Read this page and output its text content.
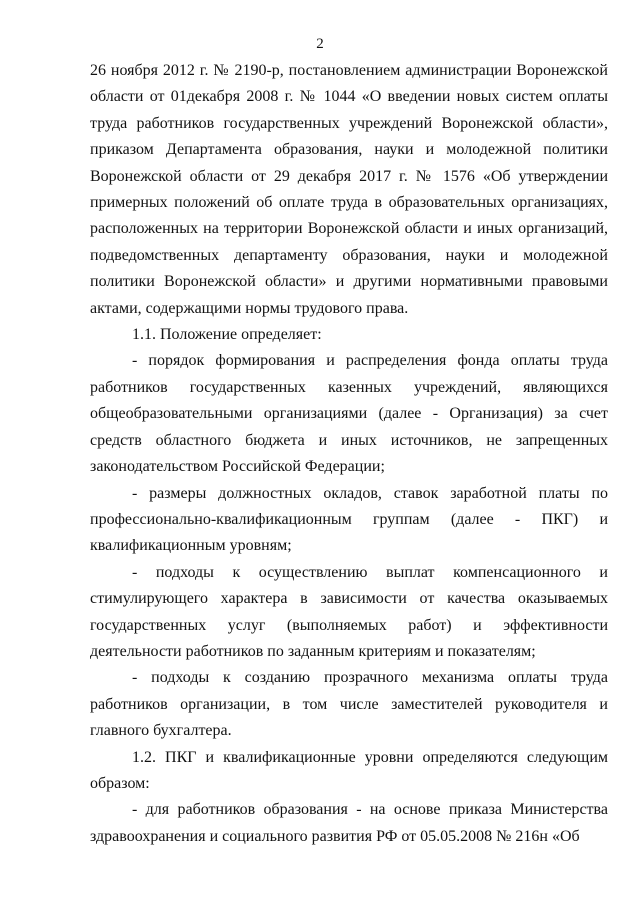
2

26 ноября 2012 г. № 2190-р, постановлением администрации Воронежской области от 01декабря 2008 г. № 1044 «О введении новых систем оплаты труда работников государственных учреждений Воронежской области», приказом Департамента образования, науки и молодежной политики Воронежской области от 29 декабря 2017 г. № 1576 «Об утверждении примерных положений об оплате труда в образовательных организациях, расположенных на территории Воронежской области и иных организаций, подведомственных департаменту образования, науки и молодежной политики Воронежской области» и другими нормативными правовыми актами, содержащими нормы трудового права.

1.1. Положение определяет:

- порядок формирования и распределения фонда оплаты труда работников государственных казенных учреждений, являющихся общеобразовательными организациями (далее - Организация) за счет средств областного бюджета и иных источников, не запрещенных законодательством Российской Федерации;

- размеры должностных окладов, ставок заработной платы по профессионально-квалификационным группам (далее - ПКГ) и квалификационным уровням;

- подходы к осуществлению выплат компенсационного и стимулирующего характера в зависимости от качества оказываемых государственных услуг (выполняемых работ) и эффективности деятельности работников по заданным критериям и показателям;

- подходы к созданию прозрачного механизма оплаты труда работников организации, в том числе заместителей руководителя и главного бухгалтера.

1.2. ПКГ и квалификационные уровни определяются следующим образом:

- для работников образования - на основе приказа Министерства здравоохранения и социального развития РФ от 05.05.2008 № 216н «Об
